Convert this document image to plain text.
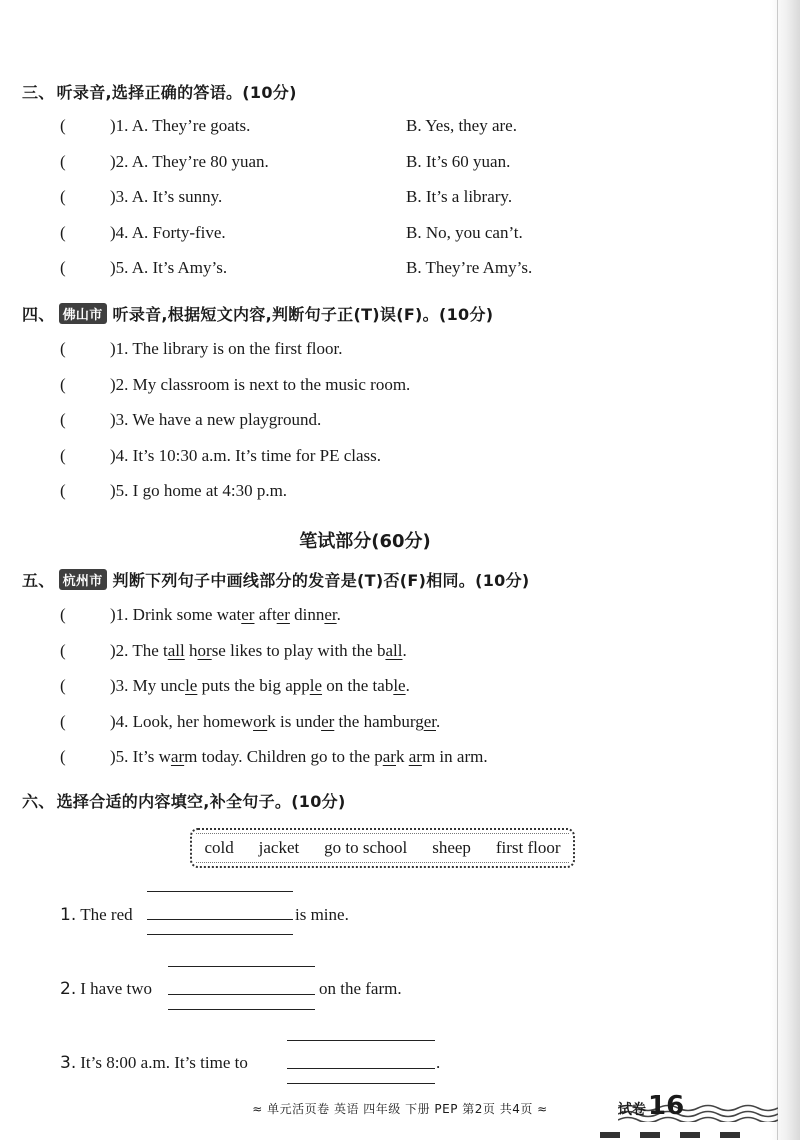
三、 听录音,选择正确的答语。(10分)
(	)1. A. They’re goats.	B. Yes, they are.
(	)2. A. They’re 80 yuan.	B. It’s 60 yuan.
(	)3. A. It’s sunny.	B. It’s a library.
(	)4. A. Forty-five.	B. No, you can’t.
(	)5. A. It’s Amy’s.	B. They’re Amy’s.
四、 佛山市 听录音,根据短文内容,判断句子正(T)误(F)。(10分)
(	)1. The library is on the first floor.
(	)2. My classroom is next to the music room.
(	)3. We have a new playground.
(	)4. It’s 10:30 a.m. It’s time for PE class.
(	)5. I go home at 4:30 p.m.
笔试部分(60分)
五、 杭州市 判断下列句子中画线部分的发音是(T)否(F)相同。(10分)
(	)1. Drink some water after dinner.
(	)2. The tall horse likes to play with the ball.
(	)3. My uncle puts the big apple on the table.
(	)4. Look, her homework is under the hamburger.
(	)5. It’s warm today. Children go to the park arm in arm.
六、 选择合适的内容填空,补全句子。(10分)
cold jacket go to school sheep first floor
1. The red	is mine.
2. I have two	on the farm.
3. It’s 8:00 a.m. It’s time to	.
≈ 单元活页卷 英语 四年级 下册 PEP 第2页 共4页 ≈	试卷 16
